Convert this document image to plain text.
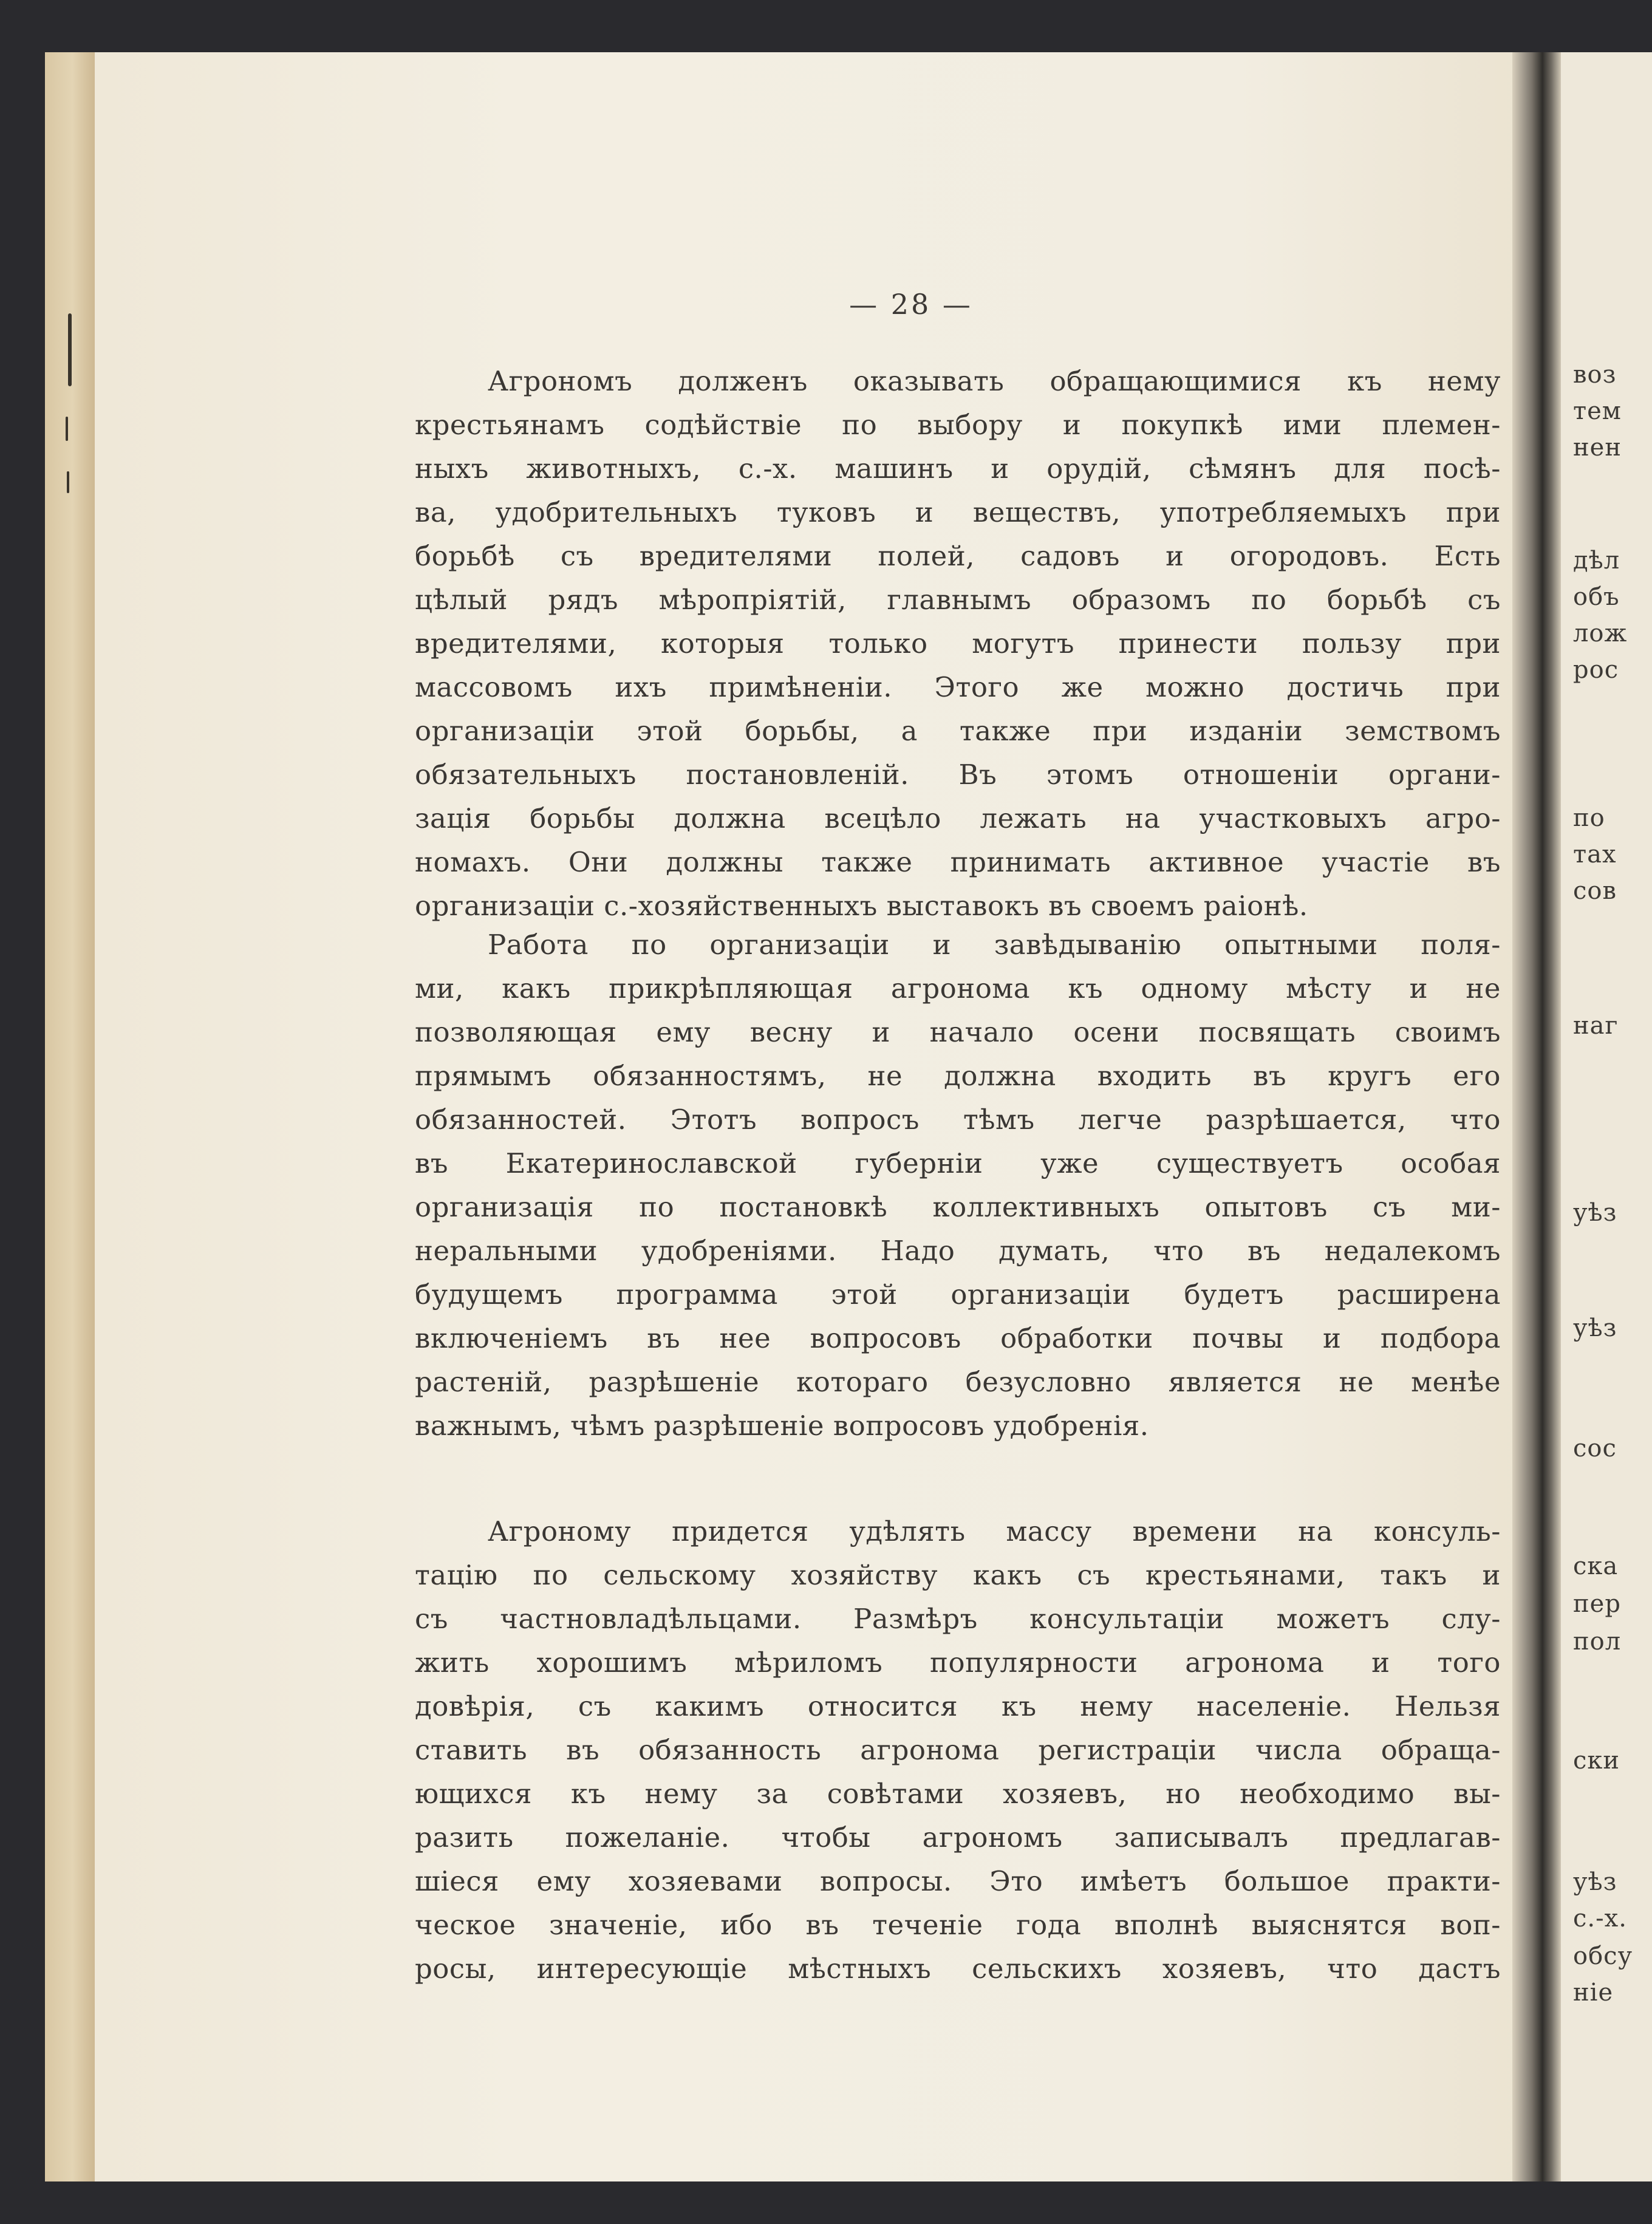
воз
тем
нен
дѣл
объ
лож
рос
по
тах
сов
наг
уѣз
уѣз
сос
ска
пер
пол
ски
уѣз
с.-х.
обсу
ніе
— 28 —
Агрономъ долженъ оказывать обращающимися къ нему
крестьянамъ содѣйствіе по выбору и покупкѣ ими племен-
ныхъ животныхъ, с.-х. машинъ и орудій, сѣмянъ для посѣ-
ва, удобрительныхъ туковъ и веществъ, употребляемыхъ при
борьбѣ съ вредителями полей, садовъ и огородовъ. Есть
цѣлый рядъ мѣропріятій, главнымъ образомъ по борьбѣ съ
вредителями, которыя только могутъ принести пользу при
массовомъ ихъ примѣненіи. Этого же можно достичь при
организаціи этой борьбы, а также при изданіи земствомъ
обязательныхъ постановленій. Въ этомъ отношеніи органи-
зація борьбы должна всецѣло лежать на участковыхъ агро-
номахъ. Они должны также принимать активное участіе въ
организаціи с.-хозяйственныхъ выставокъ въ своемъ раіонѣ.
Работа по организаціи и завѣдыванію опытными поля-
ми, какъ прикрѣпляющая агронома къ одному мѣсту и не
позволяющая ему весну и начало осени посвящать своимъ
прямымъ обязанностямъ, не должна входить въ кругъ его
обязанностей. Этотъ вопросъ тѣмъ легче разрѣшается, что
въ Екатеринославской губерніи уже существуетъ особая
организація по постановкѣ коллективныхъ опытовъ съ ми-
неральными удобреніями. Надо думать, что въ недалекомъ
будущемъ программа этой организаціи будетъ расширена
включеніемъ въ нее вопросовъ обработки почвы и подбора
растеній, разрѣшеніе котораго безусловно является не менѣе
важнымъ, чѣмъ разрѣшеніе вопросовъ удобренія.
Агроному придется удѣлять массу времени на консуль-
тацію по сельскому хозяйству какъ съ крестьянами, такъ и
съ частновладѣльцами. Размѣръ консультаціи можетъ слу-
жить хорошимъ мѣриломъ популярности агронома и того
довѣрія, съ какимъ относится къ нему населеніе. Нельзя
ставить въ обязанность агронома регистраціи числа обраща-
ющихся къ нему за совѣтами хозяевъ, но необходимо вы-
разить пожеланіе. чтобы агрономъ записывалъ предлагав-
шіеся ему хозяевами вопросы. Это имѣетъ большое практи-
ческое значеніе, ибо въ теченіе года вполнѣ выяснятся воп-
росы, интересующіе мѣстныхъ сельскихъ хозяевъ, что дастъ
